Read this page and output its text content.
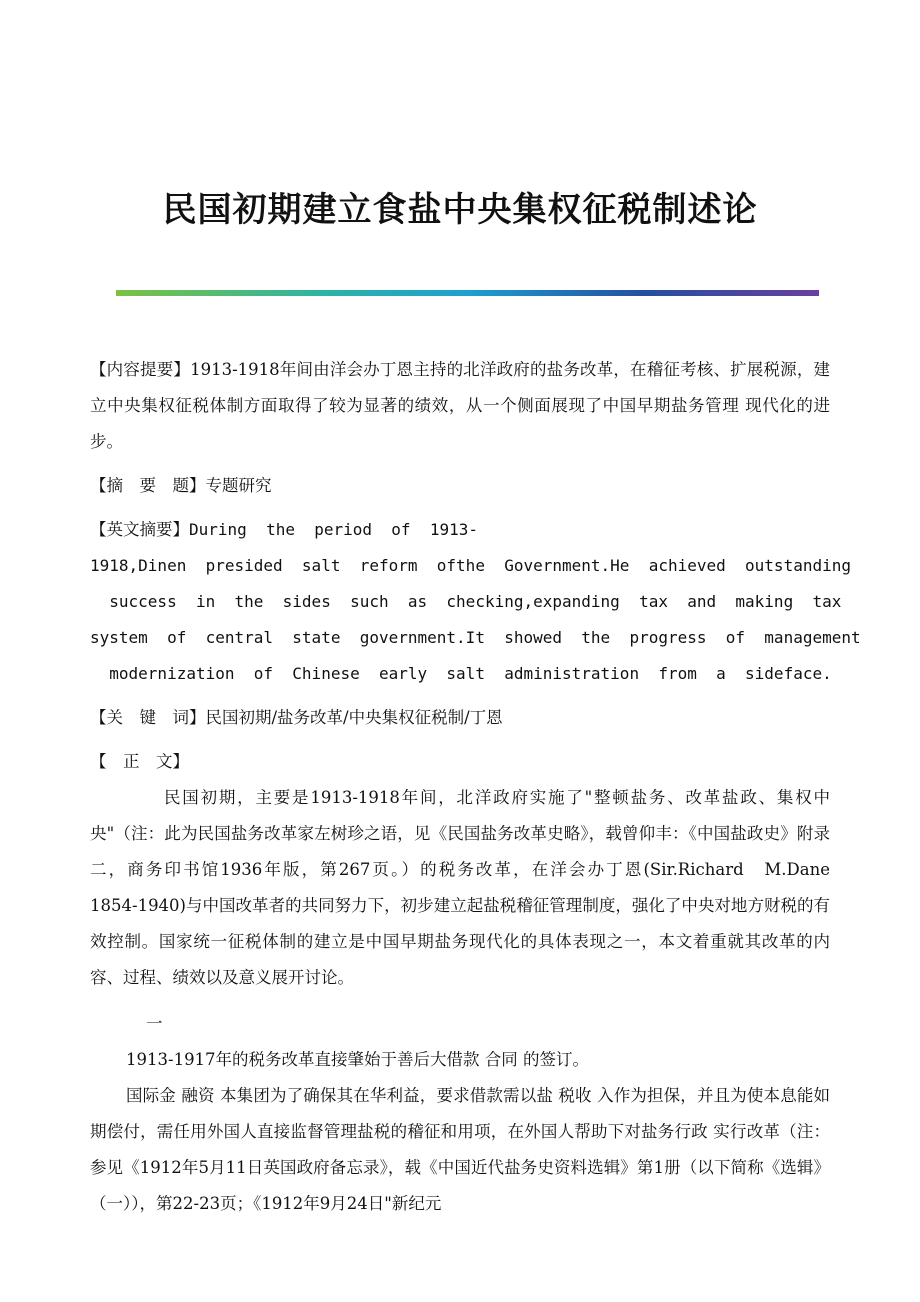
民国初期建立食盐中央集权征税制述论

【内容提要】1913-1918年间由洋会办丁恩主持的北洋政府的盐务改革，在稽征考核、扩展税源，建立中央集权征税体制方面取得了较为显著的绩效，从一个侧面展现了中国早期盐务管理 现代化的进步。

【摘　要　题】专题研究

【英文摘要】During  the  period  of  1913-
1918,Dinen  presided  salt  reform  ofthe  Government.He  achieved  outstanding
success  in  the  sides  such  as  checking,expanding  tax  and  making  tax
system  of  central  state  government.It  showed  the  progress  of  management
modernization  of  Chinese  early  salt  administration  from  a  sideface.

【关　键　词】民国初期/盐务改革/中央集权征税制/丁恩

【　正　文】

民国初期，主要是1913-1918年间，北洋政府实施了"整顿盐务、改革盐政、集权中央"（注：此为民国盐务改革家左树珍之语，见《民国盐务改革史略》，载曾仰丰：《中国盐政史》附录二，商务印书馆1936年版，第267页。）的税务改革，在洋会办丁恩(Sir.Richard　M.Dane　1854-1940)与中国改革者的共同努力下，初步建立起盐税稽征管理制度，强化了中央对地方财税的有效控制。国家统一征税体制的建立是中国早期盐务现代化的具体表现之一，本文着重就其改革的内容、过程、绩效以及意义展开讨论。

一

1913-1917年的税务改革直接肇始于善后大借款 合同 的签订。

国际金 融资 本集团为了确保其在华利益，要求借款需以盐 税收 入作为担保，并且为使本息能如期偿付，需任用外国人直接监督管理盐税的稽征和用项，在外国人帮助下对盐务行政 实行改革（注：参见《1912年5月11日英国政府备忘录》，载《中国近代盐务史资料选辑》第1册（以下简称《选辑》（一）），第22-23页；《1912年9月24日"新纪元
